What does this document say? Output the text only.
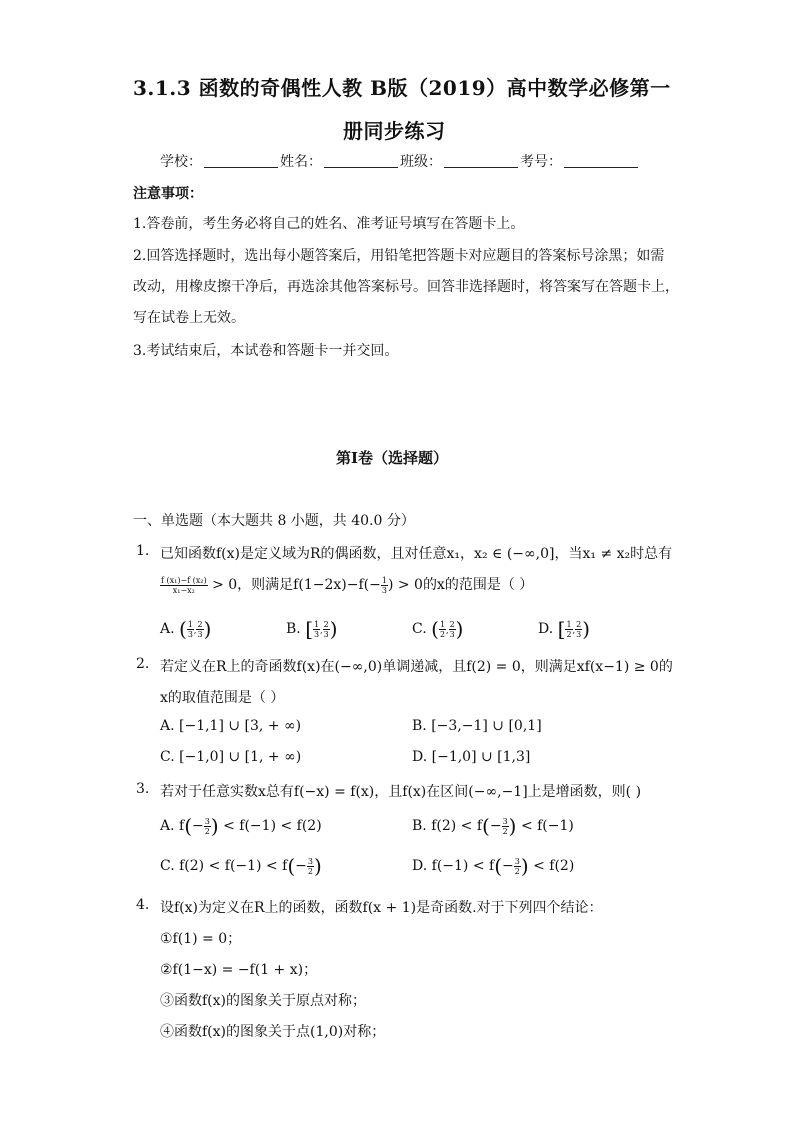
3.1.3 函数的奇偶性人教 B版（2019）高中数学必修第一
册同步练习
学校：	姓名：	班级：	考号：
注意事项：
1.答卷前，考生务必将自己的姓名、准考证号填写在答题卡上。
2.回答选择题时，选出每小题答案后，用铅笔把答题卡对应题目的答案标号涂黑；如需
改动，用橡皮擦干净后，再选涂其他答案标号。回答非选择题时，将答案写在答题卡上，
写在试卷上无效。
3.考试结束后，本试卷和答题卡一并交回。
第I卷（选择题）
一、单选题（本大题共 8 小题，共 40.0 分）
1. 已知函数f(x)是定义域为R的偶函数，且对任意x₁，x₂ ∈ (−∞,0]，当x₁ ≠ x₂时总有
$\frac{\text{f (x₁)−f (x₂)}}{\text{x₁−x₂}} > 0$，则满足$f(1-2x)-f(- \frac{1}{3}$ ) > 0的x的范围是（ ）
A. ( $\frac{1}{3}$ , $\frac{2}{3}$ )	B. [ $\frac{1}{3}$ , $\frac{2}{3}$ )	C. ( $\frac{1}{2}$ , $\frac{2}{3}$ )	D. [ $\frac{1}{2}$ , $\frac{2}{3}$ )
2. 若定义在R上的奇函数f(x)在(−∞,0)单调递减，且f(2) = 0，则满足xf(x−1) ≥ 0的
x的取值范围是（ ）
A. [−1,1] ∪ [3, + ∞)	B. [−3,−1] ∪ [0,1]
C. [−1,0] ∪ [1, + ∞)	D. [−1,0] ∪ [1,3]
3. 若对于任意实数x总有f(−x) = f(x)，且f(x)在区间(−∞,−1]上是增函数，则( )
A. $f(- \frac{3}{2}$ ) < f(−1) < f(2)	B. $f(2) < f(- \frac{3}{2}$ ) < f(−1)
C. $f(2) < f(-1) < f(- \frac{3}{2}$ )	D. $f(-1) < f(- \frac{3}{2}$ ) < f(2)
4. 设f(x)为定义在R上的函数，函数f(x + 1)是奇函数.对于下列四个结论：
①f(1) = 0；
②f(1−x) = −f(1 + x)；
③函数f(x)的图象关于原点对称；
④函数f(x)的图象关于点(1,0)对称；
